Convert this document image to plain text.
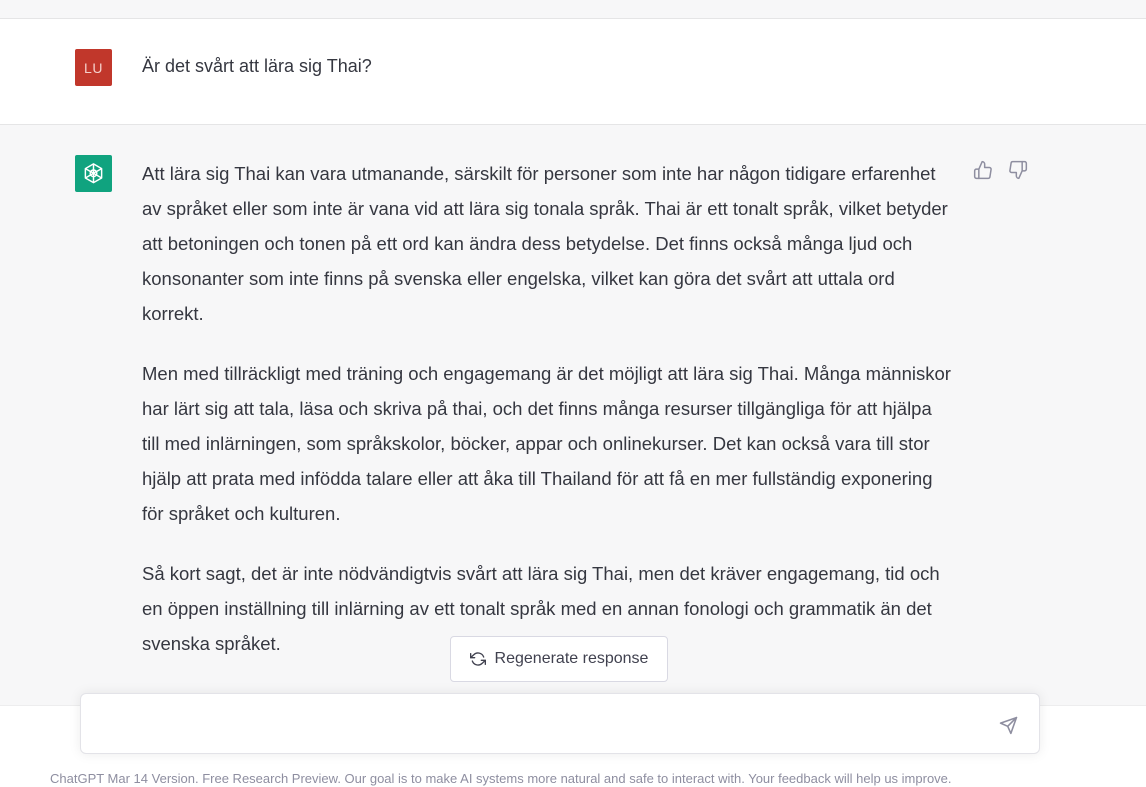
LU Är det svårt att lära sig Thai?

Att lära sig Thai kan vara utmanande, särskilt för personer som inte har någon tidigare erfarenhet av språket eller som inte är vana vid att lära sig tonala språk. Thai är ett tonalt språk, vilket betyder att betoningen och tonen på ett ord kan ändra dess betydelse. Det finns också många ljud och konsonanter som inte finns på svenska eller engelska, vilket kan göra det svårt att uttala ord korrekt.

Men med tillräckligt med träning och engagemang är det möjligt att lära sig Thai. Många människor har lärt sig att tala, läsa och skriva på thai, och det finns många resurser tillgängliga för att hjälpa till med inlärningen, som språkskolor, böcker, appar och onlinekurser. Det kan också vara till stor hjälp att prata med infödda talare eller att åka till Thailand för att få en mer fullständig exponering för språket och kulturen.

Så kort sagt, det är inte nödvändigtvis svårt att lära sig Thai, men det kräver engagemang, tid och en öppen inställning till inlärning av ett tonalt språk med en annan fonologi och grammatik än det svenska språket.

Regenerate response
ChatGPT Mar 14 Version. Free Research Preview. Our goal is to make AI systems more natural and safe to interact with. Your feedback will help us improve.
